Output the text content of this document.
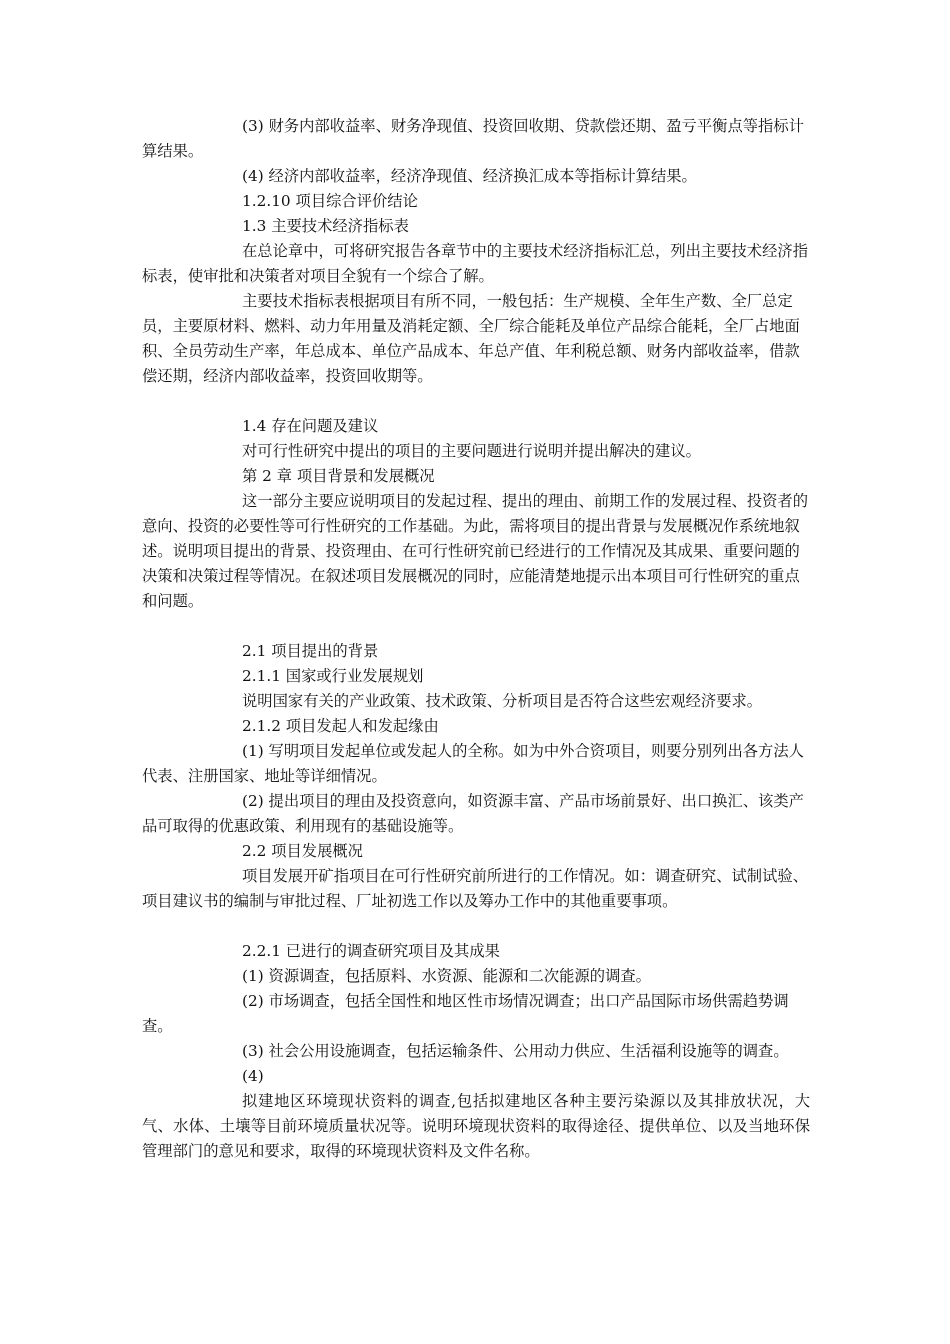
(3) 财务内部收益率、财务净现值、投资回收期、贷款偿还期、盈亏平衡点等指标计算结果。

(4) 经济内部收益率，经济净现值、经济换汇成本等指标计算结果。

1.2.10 项目综合评价结论

1.3 主要技术经济指标表

在总论章中，可将研究报告各章节中的主要技术经济指标汇总，列出主要技术经济指标表，使审批和决策者对项目全貌有一个综合了解。

主要技术指标表根据项目有所不同，一般包括：生产规模、全年生产数、全厂总定员，主要原材料、燃料、动力年用量及消耗定额、全厂综合能耗及单位产品综合能耗，全厂占地面积、全员劳动生产率，年总成本、单位产品成本、年总产值、年利税总额、财务内部收益率，借款偿还期，经济内部收益率，投资回收期等。

1.4 存在问题及建议

对可行性研究中提出的项目的主要问题进行说明并提出解决的建议。

第 2 章 项目背景和发展概况

这一部分主要应说明项目的发起过程、提出的理由、前期工作的发展过程、投资者的意向、投资的必要性等可行性研究的工作基础。为此，需将项目的提出背景与发展概况作系统地叙述。说明项目提出的背景、投资理由、在可行性研究前已经进行的工作情况及其成果、重要问题的决策和决策过程等情况。在叙述项目发展概况的同时，应能清楚地提示出本项目可行性研究的重点和问题。

2.1 项目提出的背景

2.1.1 国家或行业发展规划

说明国家有关的产业政策、技术政策、分析项目是否符合这些宏观经济要求。

2.1.2 项目发起人和发起缘由

(1) 写明项目发起单位或发起人的全称。如为中外合资项目，则要分别列出各方法人代表、注册国家、地址等详细情况。

(2) 提出项目的理由及投资意向，如资源丰富、产品市场前景好、出口换汇、该类产品可取得的优惠政策、利用现有的基础设施等。

2.2 项目发展概况

项目发展开矿指项目在可行性研究前所进行的工作情况。如：调查研究、试制试验、项目建议书的编制与审批过程、厂址初选工作以及筹办工作中的其他重要事项。

2.2.1 已进行的调查研究项目及其成果

(1) 资源调查，包括原料、水资源、能源和二次能源的调查。

(2) 市场调查，包括全国性和地区性市场情况调查；出口产品国际市场供需趋势调查。

(3) 社会公用设施调查，包括运输条件、公用动力供应、生活福利设施等的调查。

(4)

拟建地区环境现状资料的调查,包括拟建地区各种主要污染源以及其排放状况，大气、水体、土壤等目前环境质量状况等。说明环境现状资料的取得途径、提供单位、以及当地环保管理部门的意见和要求，取得的环境现状资料及文件名称。
